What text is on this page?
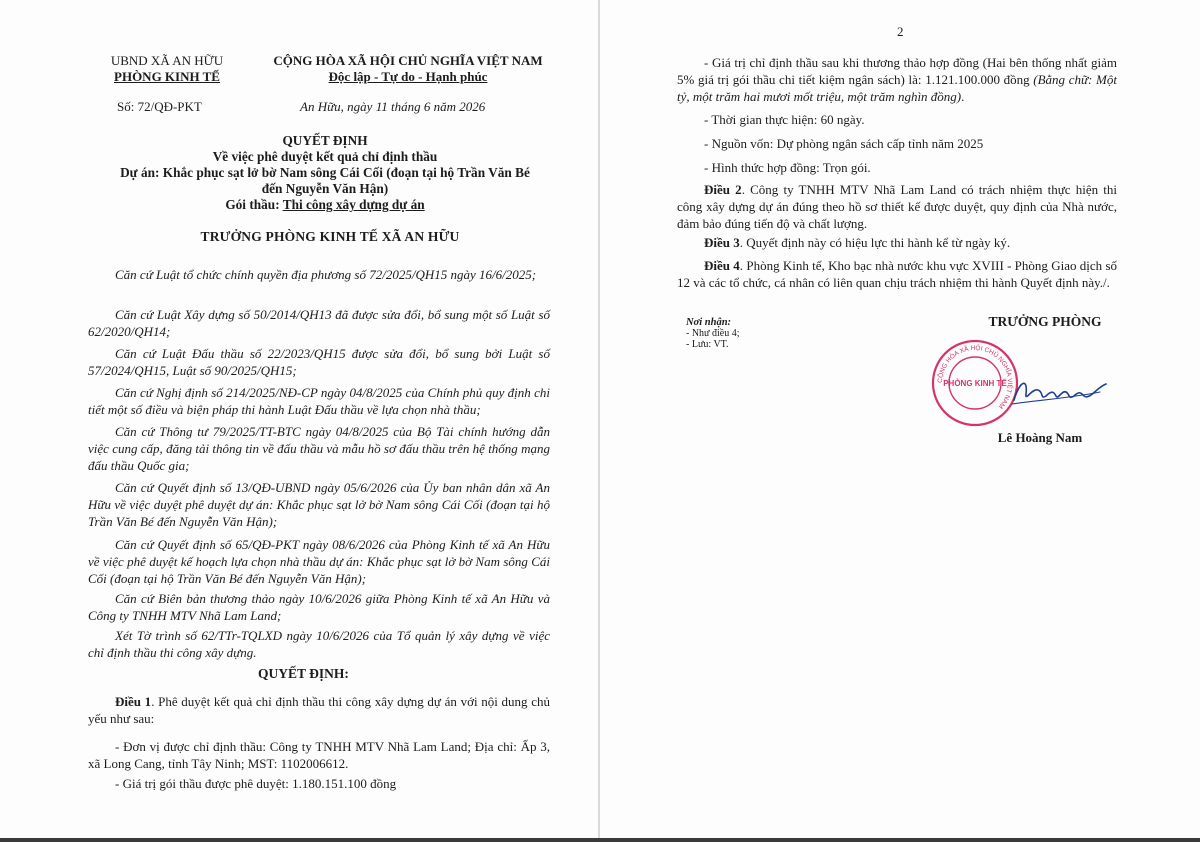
UBND XÃ AN HỮU

PHÒNG KINH TẾ

CỘNG HÒA XÃ HỘI CHỦ NGHĨA VIỆT NAM

Độc lập - Tự do - Hạnh phúc

Số: 72/QĐ-PKT	An Hữu, ngày 11 tháng 6 năm 2026

QUYẾT ĐỊNH

Về việc phê duyệt kết quả chỉ định thầu

Dự án: Khắc phục sạt lở bờ Nam sông Cái Cối (đoạn tại hộ Trần Văn Bé

đến Nguyễn Văn Hận)

Gói thầu: Thi công xây dựng dự án

TRƯỞNG PHÒNG KINH TẾ XÃ AN HỮU

Căn cứ Luật tổ chức chính quyền địa phương số 72/2025/QH15 ngày 16/6/2025;

Căn cứ Luật Xây dựng số 50/2014/QH13 đã được sửa đổi, bổ sung một số Luật số 62/2020/QH14;

Căn cứ Luật Đấu thầu số 22/2023/QH15 được sửa đổi, bổ sung bởi Luật số 57/2024/QH15, Luật số 90/2025/QH15;

Căn cứ Nghị định số 214/2025/NĐ-CP ngày 04/8/2025 của Chính phủ quy định chi tiết một số điều và biện pháp thi hành Luật Đấu thầu về lựa chọn nhà thầu;

Căn cứ Thông tư 79/2025/TT-BTC ngày 04/8/2025 của Bộ Tài chính hướng dẫn việc cung cấp, đăng tải thông tin về đấu thầu và mẫu hồ sơ đấu thầu trên hệ thống mạng đấu thầu Quốc gia;

Căn cứ Quyết định số 13/QĐ-UBND ngày 05/6/2026 của Ủy ban nhân dân xã An Hữu về việc duyệt phê duyệt dự án: Khắc phục sạt lở bờ Nam sông Cái Cối (đoạn tại hộ Trần Văn Bé đến Nguyễn Văn Hận);

Căn cứ Quyết định số 65/QĐ-PKT ngày 08/6/2026 của Phòng Kinh tế xã An Hữu về việc phê duyệt kế hoạch lựa chọn nhà thầu dự án: Khắc phục sạt lở bờ Nam sông Cái Cối (đoạn tại hộ Trần Văn Bé đến Nguyễn Văn Hận);

Căn cứ Biên bản thương thảo ngày 10/6/2026 giữa Phòng Kinh tế xã An Hữu và Công ty TNHH MTV Nhã Lam Land;

Xét Tờ trình số 62/TTr-TQLXD ngày 10/6/2026 của Tổ quản lý xây dựng về việc chỉ định thầu thi công xây dựng.

QUYẾT ĐỊNH:

Điều 1. Phê duyệt kết quả chỉ định thầu thi công xây dựng dự án với nội dung chủ yếu như sau:

- Đơn vị được chỉ định thầu: Công ty TNHH MTV Nhã Lam Land; Địa chỉ: Ấp 3, xã Long Cang, tỉnh Tây Ninh; MST: 1102006612.

- Giá trị gói thầu được phê duyệt: 1.180.151.100 đồng

2

- Giá trị chỉ định thầu sau khi thương thảo hợp đồng (Hai bên thống nhất giảm 5% giá trị gói thầu chi tiết kiệm ngân sách) là: 1.121.100.000 đồng (Bằng chữ: Một tỷ, một trăm hai mươi mốt triệu, một trăm nghìn đồng).

- Thời gian thực hiện: 60 ngày.

- Nguồn vốn: Dự phòng ngân sách cấp tỉnh năm 2025

- Hình thức hợp đồng: Trọn gói.

Điều 2. Công ty TNHH MTV Nhã Lam Land có trách nhiệm thực hiện thi công xây dựng dự án đúng theo hồ sơ thiết kế được duyệt, quy định của Nhà nước, đảm bảo đúng tiến độ và chất lượng.

Điều 3. Quyết định này có hiệu lực thi hành kể từ ngày ký.

Điều 4. Phòng Kinh tế, Kho bạc nhà nước khu vực XVIII - Phòng Giao dịch số 12 và các tổ chức, cá nhân có liên quan chịu trách nhiệm thi hành Quyết định này./.

Nơi nhận:

- Như điều 4;

- Lưu: VT.

TRƯỞNG PHÒNG
CỘNG HÒA XÃ HỘI CHỦ NGHĨA VIỆT NAM
PHÒNG KINH TẾ
Lê Hoàng Nam
